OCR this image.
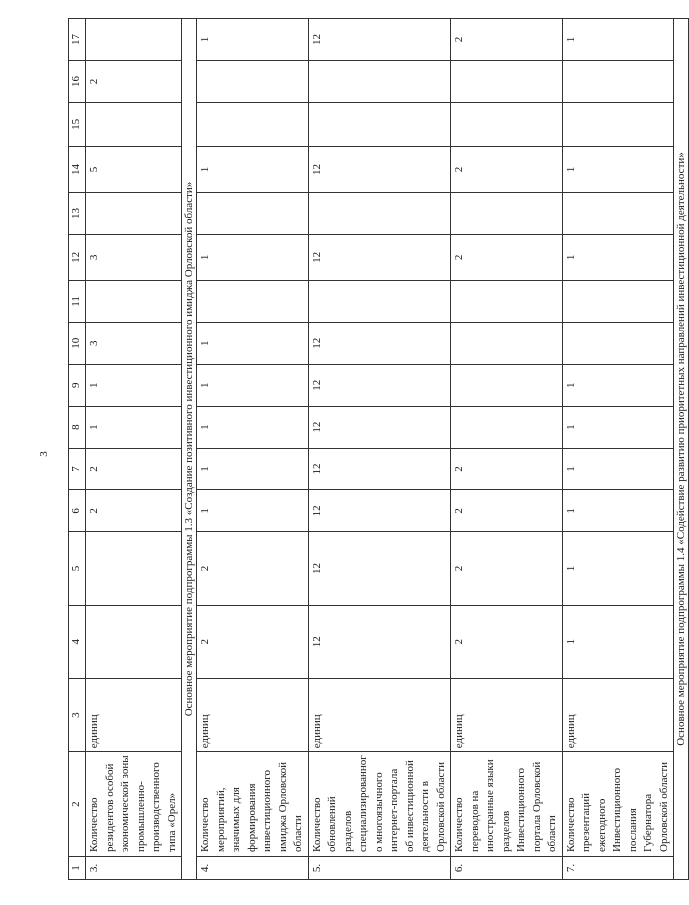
3
1	2	3	4	5	6	7	8	9	10	11	12	13	14	15	16	17
3.	Количество резидентов особой экономической зоны промышленно-производственного типа «Орел»	единиц			2	2	1	1	3		3		5		2	
Основное мероприятие подпрограммы 1.3 «Создание позитивного инвестиционного имиджа Орловской области»																
4.	Количество мероприятий, значимых для формирования инвестиционного имиджа Орловской области	единиц	2	2	1	1	1	1	1		1		1			1
5.	Количество обновлений разделов специализированного многоязычного интернет-портала об инвестиционной деятельности в Орловской области	единиц	12	12	12	12	12	12	12		12		12			12
6.	Количество переводов на иностранные языки разделов Инвестиционного портала Орловской области	единиц	2	2	2	2					2		2			2
7.	Количество презентаций ежегодного Инвестиционного послания Губернатора Орловской области	единиц	1	1	1	1	1	1			1		1			1
Основное мероприятие подпрограммы 1.4 «Содействие развитию приоритетных направлений инвестиционной деятельности»																
